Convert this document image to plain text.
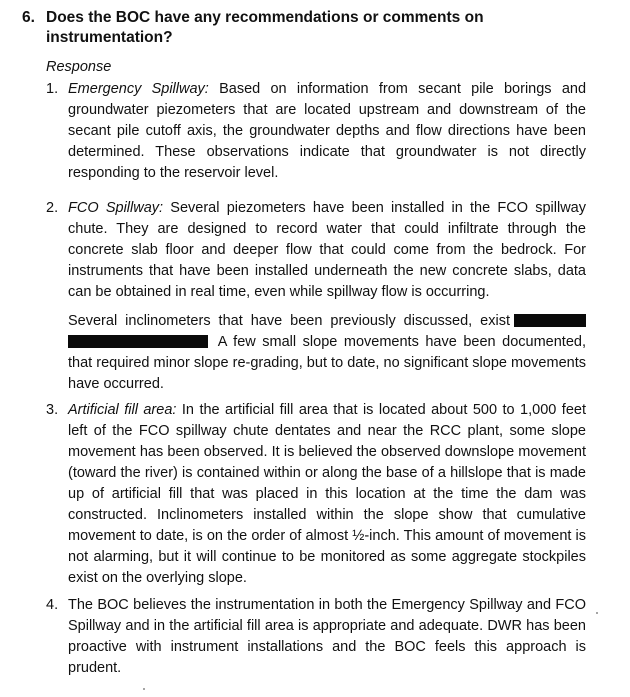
6. Does the BOC have any recommendations or comments on
instrumentation?
Response
1. Emergency Spillway: Based on information from secant pile borings and groundwater piezometers that are located upstream and downstream of the secant pile cutoff axis, the groundwater depths and flow directions have been determined. These observations indicate that groundwater is not directly responding to the reservoir level.
2. FCO Spillway: Several piezometers have been installed in the FCO spillway chute. They are designed to record water that could infiltrate through the concrete slab floor and deeper flow that could come from the bedrock. For instruments that have been installed underneath the new concrete slabs, data can be obtained in real time, even while spillway flow is occurring.
Several inclinometers that have been previously discussed, exist  A few small slope movements have been documented, that required minor slope re-grading, but to date, no significant slope movements have occurred.
3. Artificial fill area: In the artificial fill area that is located about 500 to 1,000 feet left of the FCO spillway chute dentates and near the RCC plant, some slope movement has been observed. It is believed the observed downslope movement (toward the river) is contained within or along the base of a hillslope that is made up of artificial fill that was placed in this location at the time the dam was constructed. Inclinometers installed within the slope show that cumulative movement to date, is on the order of almost ½-inch. This amount of movement is not alarming, but it will continue to be monitored as some aggregate stockpiles exist on the overlying slope.
4. The BOC believes the instrumentation in both the Emergency Spillway and FCO Spillway and in the artificial fill area is appropriate and adequate. DWR has been proactive with instrument installations and the BOC feels this approach is prudent.
